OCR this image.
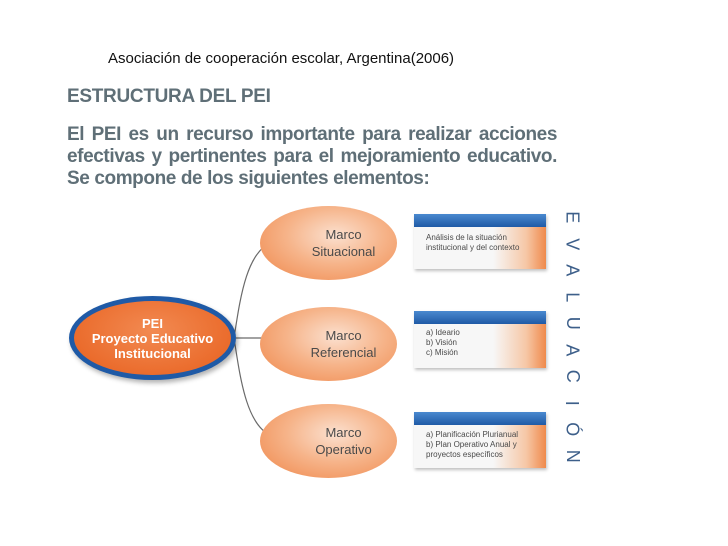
Asociación de cooperación escolar, Argentina(2006)
ESTRUCTURA DEL PEI
El PEI es un recurso importante para realizar acciones efectivas y pertinentes para el mejoramiento educativo. Se compone de los siguientes elementos:
PEI
Proyecto Educativo
Institucional
Marco
Situacional
Marco
Referencial
Marco
Operativo
Análisis de la situación
institucional y del contexto
a) Ideario
b) Visión
c) Misión
a) Planificación Plurianual
b) Plan Operativo Anual y
proyectos específicos
E
V
A
L
U
A
C
I
Ó
N
